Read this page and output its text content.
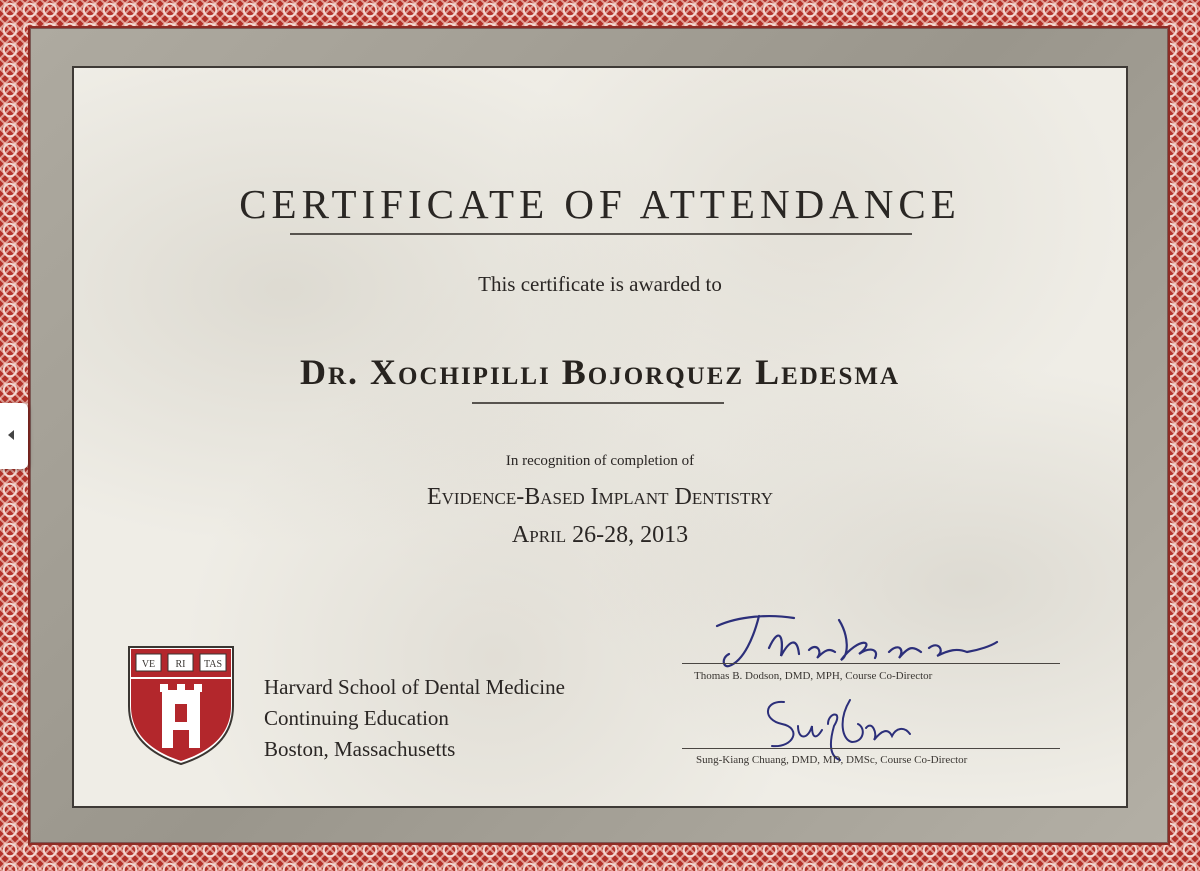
CERTIFICATE OF ATTENDANCE
This certificate is awarded to
Dr. Xochipilli Bojorquez Ledesma
In recognition of completion of
Evidence-Based Implant Dentistry
April 26-28, 2013
VE RI TAS
Harvard School of Dental Medicine
Continuing Education
Boston, Massachusetts
Thomas B. Dodson, DMD, MPH, Course Co-Director
Sung-Kiang Chuang, DMD, MD, DMSc, Course Co-Director
